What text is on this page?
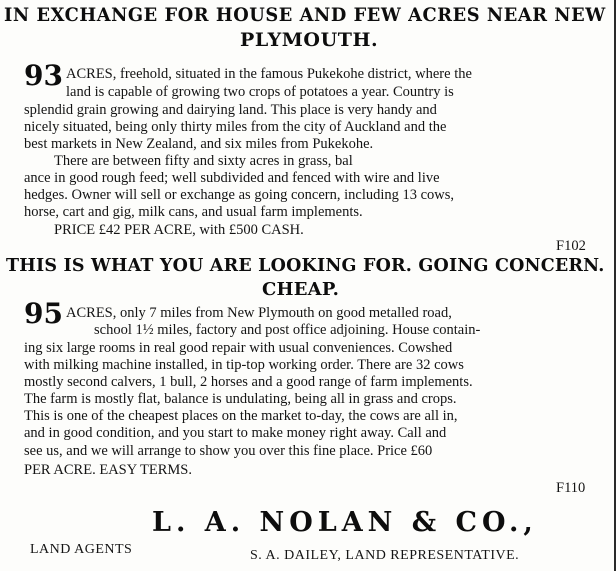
IN EXCHANGE FOR HOUSE AND FEW ACRES NEAR NEW
PLYMOUTH.
93 ACRES, freehold, situated in the famous Pukekohe district, where the
land is capable of growing two crops of potatoes a year. Country is
splendid grain growing and dairying land. This place is very handy and
nicely situated, being only thirty miles from the city of Auckland and the
best markets in New Zealand, and six miles from Pukekohe.
There are between fifty and sixty acres in grass, bal
ance in good rough feed; well subdivided and fenced with wire and live
hedges. Owner will sell or exchange as going concern, including 13 cows,
horse, cart and gig, milk cans, and usual farm implements.
PRICE £42 PER ACRE, with £500 CASH.
F102
THIS IS WHAT YOU ARE LOOKING FOR. GOING CONCERN.
CHEAP.
95 ACRES, only 7 miles from New Plymouth on good metalled road,
school 1½ miles, factory and post office adjoining. House contain-
ing six large rooms in real good repair with usual conveniences. Cowshed
with milking machine installed, in tip-top working order. There are 32 cows
mostly second calvers, 1 bull, 2 horses and a good range of farm implements.
The farm is mostly flat, balance is undulating, being all in grass and crops.
This is one of the cheapest places on the market to-day, the cows are all in,
and in good condition, and you start to make money right away. Call and
see us, and we will arrange to show you over this fine place. Price £60
PER ACRE. EASY TERMS.
F110
L. A. NOLAN & CO.,
LAND AGENTS	S. A. DAILEY, LAND REPRESENTATIVE.
